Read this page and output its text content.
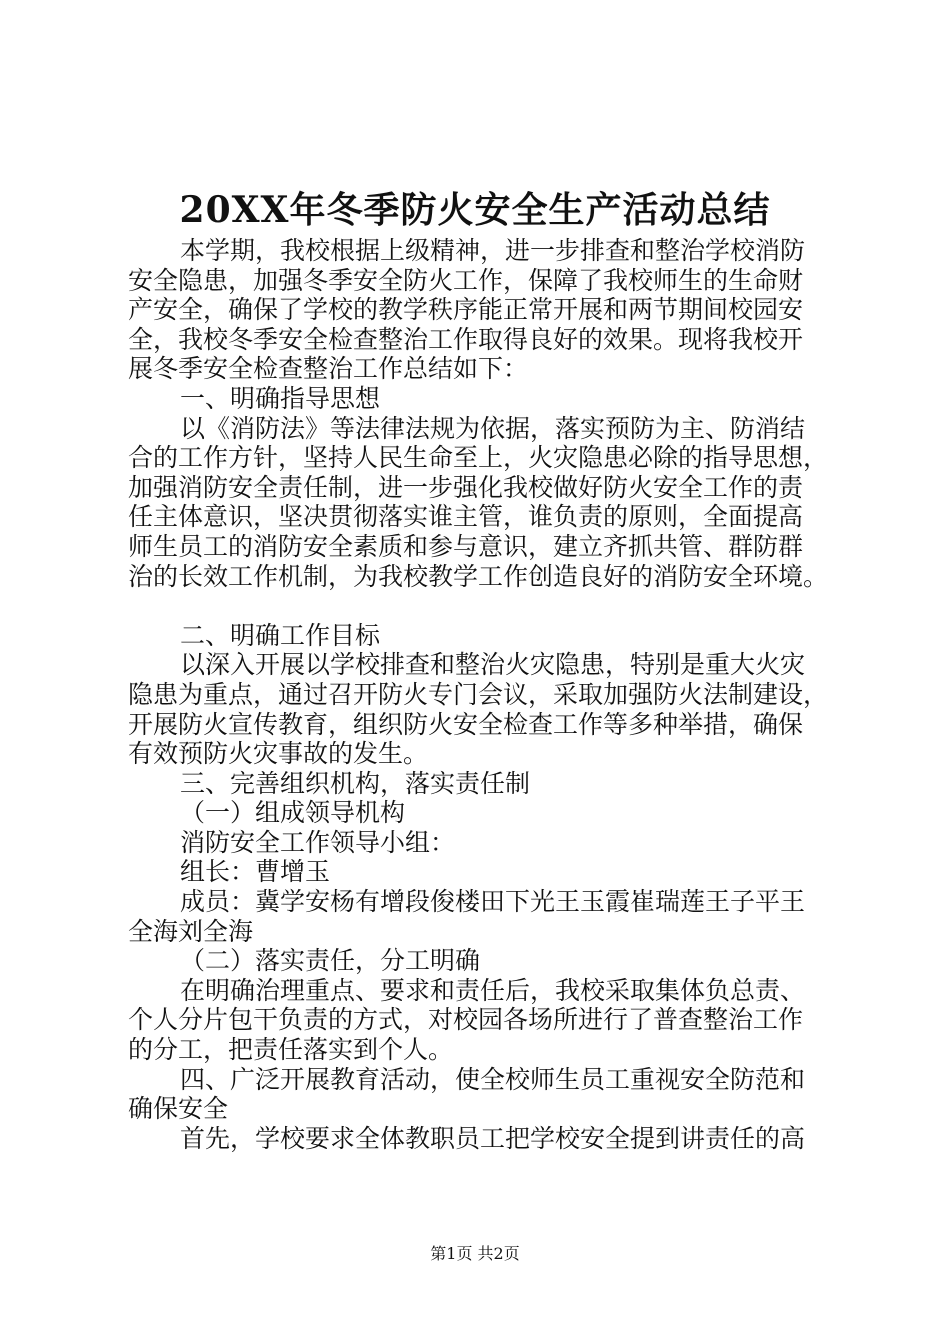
20XX年冬季防火安全生产活动总结
本学期，我校根据上级精神，进一步排查和整治学校消防
安全隐患，加强冬季安全防火工作，保障了我校师生的生命财
产安全，确保了学校的教学秩序能正常开展和两节期间校园安
全，我校冬季安全检查整治工作取得良好的效果。现将我校开
展冬季安全检查整治工作总结如下：
一、明确指导思想
以《消防法》等法律法规为依据，落实预防为主、防消结
合的工作方针，坚持人民生命至上，火灾隐患必除的指导思想，
加强消防安全责任制，进一步强化我校做好防火安全工作的责
任主体意识，坚决贯彻落实谁主管，谁负责的原则，全面提高
师生员工的消防安全素质和参与意识，建立齐抓共管、群防群
治的长效工作机制，为我校教学工作创造良好的消防安全环境。
二、明确工作目标
以深入开展以学校排查和整治火灾隐患，特别是重大火灾
隐患为重点，通过召开防火专门会议，采取加强防火法制建设，
开展防火宣传教育，组织防火安全检查工作等多种举措，确保
有效预防火灾事故的发生。
三、完善组织机构，落实责任制
（一）组成领导机构
消防安全工作领导小组：
组长：曹增玉
成员：冀学安杨有增段俊楼田下光王玉霞崔瑞莲王子平王
全海刘全海
（二）落实责任，分工明确
在明确治理重点、要求和责任后，我校采取集体负总责、
个人分片包干负责的方式，对校园各场所进行了普查整治工作
的分工，把责任落实到个人。
四、广泛开展教育活动，使全校师生员工重视安全防范和
确保安全
首先，学校要求全体教职员工把学校安全提到讲责任的高
第1页 共2页
